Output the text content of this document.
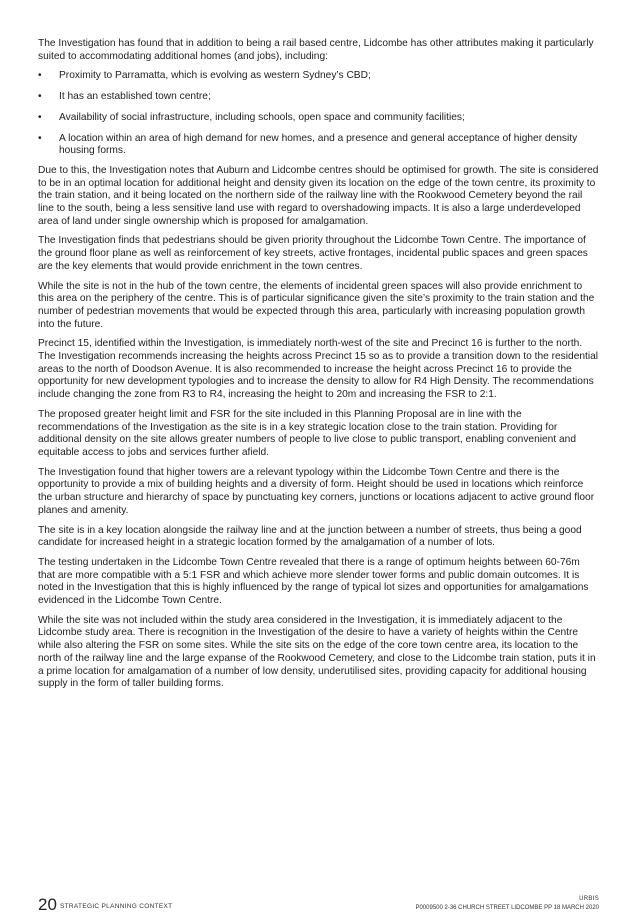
The Investigation has found that in addition to being a rail based centre, Lidcombe has other attributes making it particularly suited to accommodating additional homes (and jobs), including:

• Proximity to Parramatta, which is evolving as western Sydney’s CBD;
• It has an established town centre;
• Availability of social infrastructure, including schools, open space and community facilities;
• A location within an area of high demand for new homes, and a presence and general acceptance of higher density housing forms.

Due to this, the Investigation notes that Auburn and Lidcombe centres should be optimised for growth. The site is considered to be in an optimal location for additional height and density given its location on the edge of the town centre, its proximity to the train station, and it being located on the northern side of the railway line with the Rookwood Cemetery beyond the rail line to the south, being a less sensitive land use with regard to overshadowing impacts. It is also a large underdeveloped area of land under single ownership which is proposed for amalgamation.

The Investigation finds that pedestrians should be given priority throughout the Lidcombe Town Centre. The importance of the ground floor plane as well as reinforcement of key streets, active frontages, incidental public spaces and green spaces are the key elements that would provide enrichment in the town centres.

While the site is not in the hub of the town centre, the elements of incidental green spaces will also provide enrichment to this area on the periphery of the centre. This is of particular significance given the site’s proximity to the train station and the number of pedestrian movements that would be expected through this area, particularly with increasing population growth into the future.

Precinct 15, identified within the Investigation, is immediately north-west of the site and Precinct 16 is further to the north. The Investigation recommends increasing the heights across Precinct 15 so as to provide a transition down to the residential areas to the north of Doodson Avenue. It is also recommended to increase the height across Precinct 16 to provide the opportunity for new development typologies and to increase the density to allow for R4 High Density. The recommendations include changing the zone from R3 to R4, increasing the height to 20m and increasing the FSR to 2:1.

The proposed greater height limit and FSR for the site included in this Planning Proposal are in line with the recommendations of the Investigation as the site is in a key strategic location close to the train station. Providing for additional density on the site allows greater numbers of people to live close to public transport, enabling convenient and equitable access to jobs and services further afield.

The Investigation found that higher towers are a relevant typology within the Lidcombe Town Centre and there is the opportunity to provide a mix of building heights and a diversity of form. Height should be used in locations which reinforce the urban structure and hierarchy of space by punctuating key corners, junctions or locations adjacent to active ground floor planes and amenity.

The site is in a key location alongside the railway line and at the junction between a number of streets, thus being a good candidate for increased height in a strategic location formed by the amalgamation of a number of lots.

The testing undertaken in the Lidcombe Town Centre revealed that there is a range of optimum heights between 60-76m that are more compatible with a 5:1 FSR and which achieve more slender tower forms and public domain outcomes. It is noted in the Investigation that this is highly influenced by the range of typical lot sizes and opportunities for amalgamations evidenced in the Lidcombe Town Centre.

While the site was not included within the study area considered in the Investigation, it is immediately adjacent to the Lidcombe study area. There is recognition in the Investigation of the desire to have a variety of heights within the Centre while also altering the FSR on some sites. While the site sits on the edge of the core town centre area, its location to the north of the railway line and the large expanse of the Rookwood Cemetery, and close to the Lidcombe train station, puts it in a prime location for amalgamation of a number of low density, underutilised sites, providing capacity for additional housing supply in the form of taller building forms.

20 STRATEGIC PLANNING CONTEXT
URBIS
P0009500 2-36 CHURCH STREET LIDCOMBE PP 18 MARCH 2020
